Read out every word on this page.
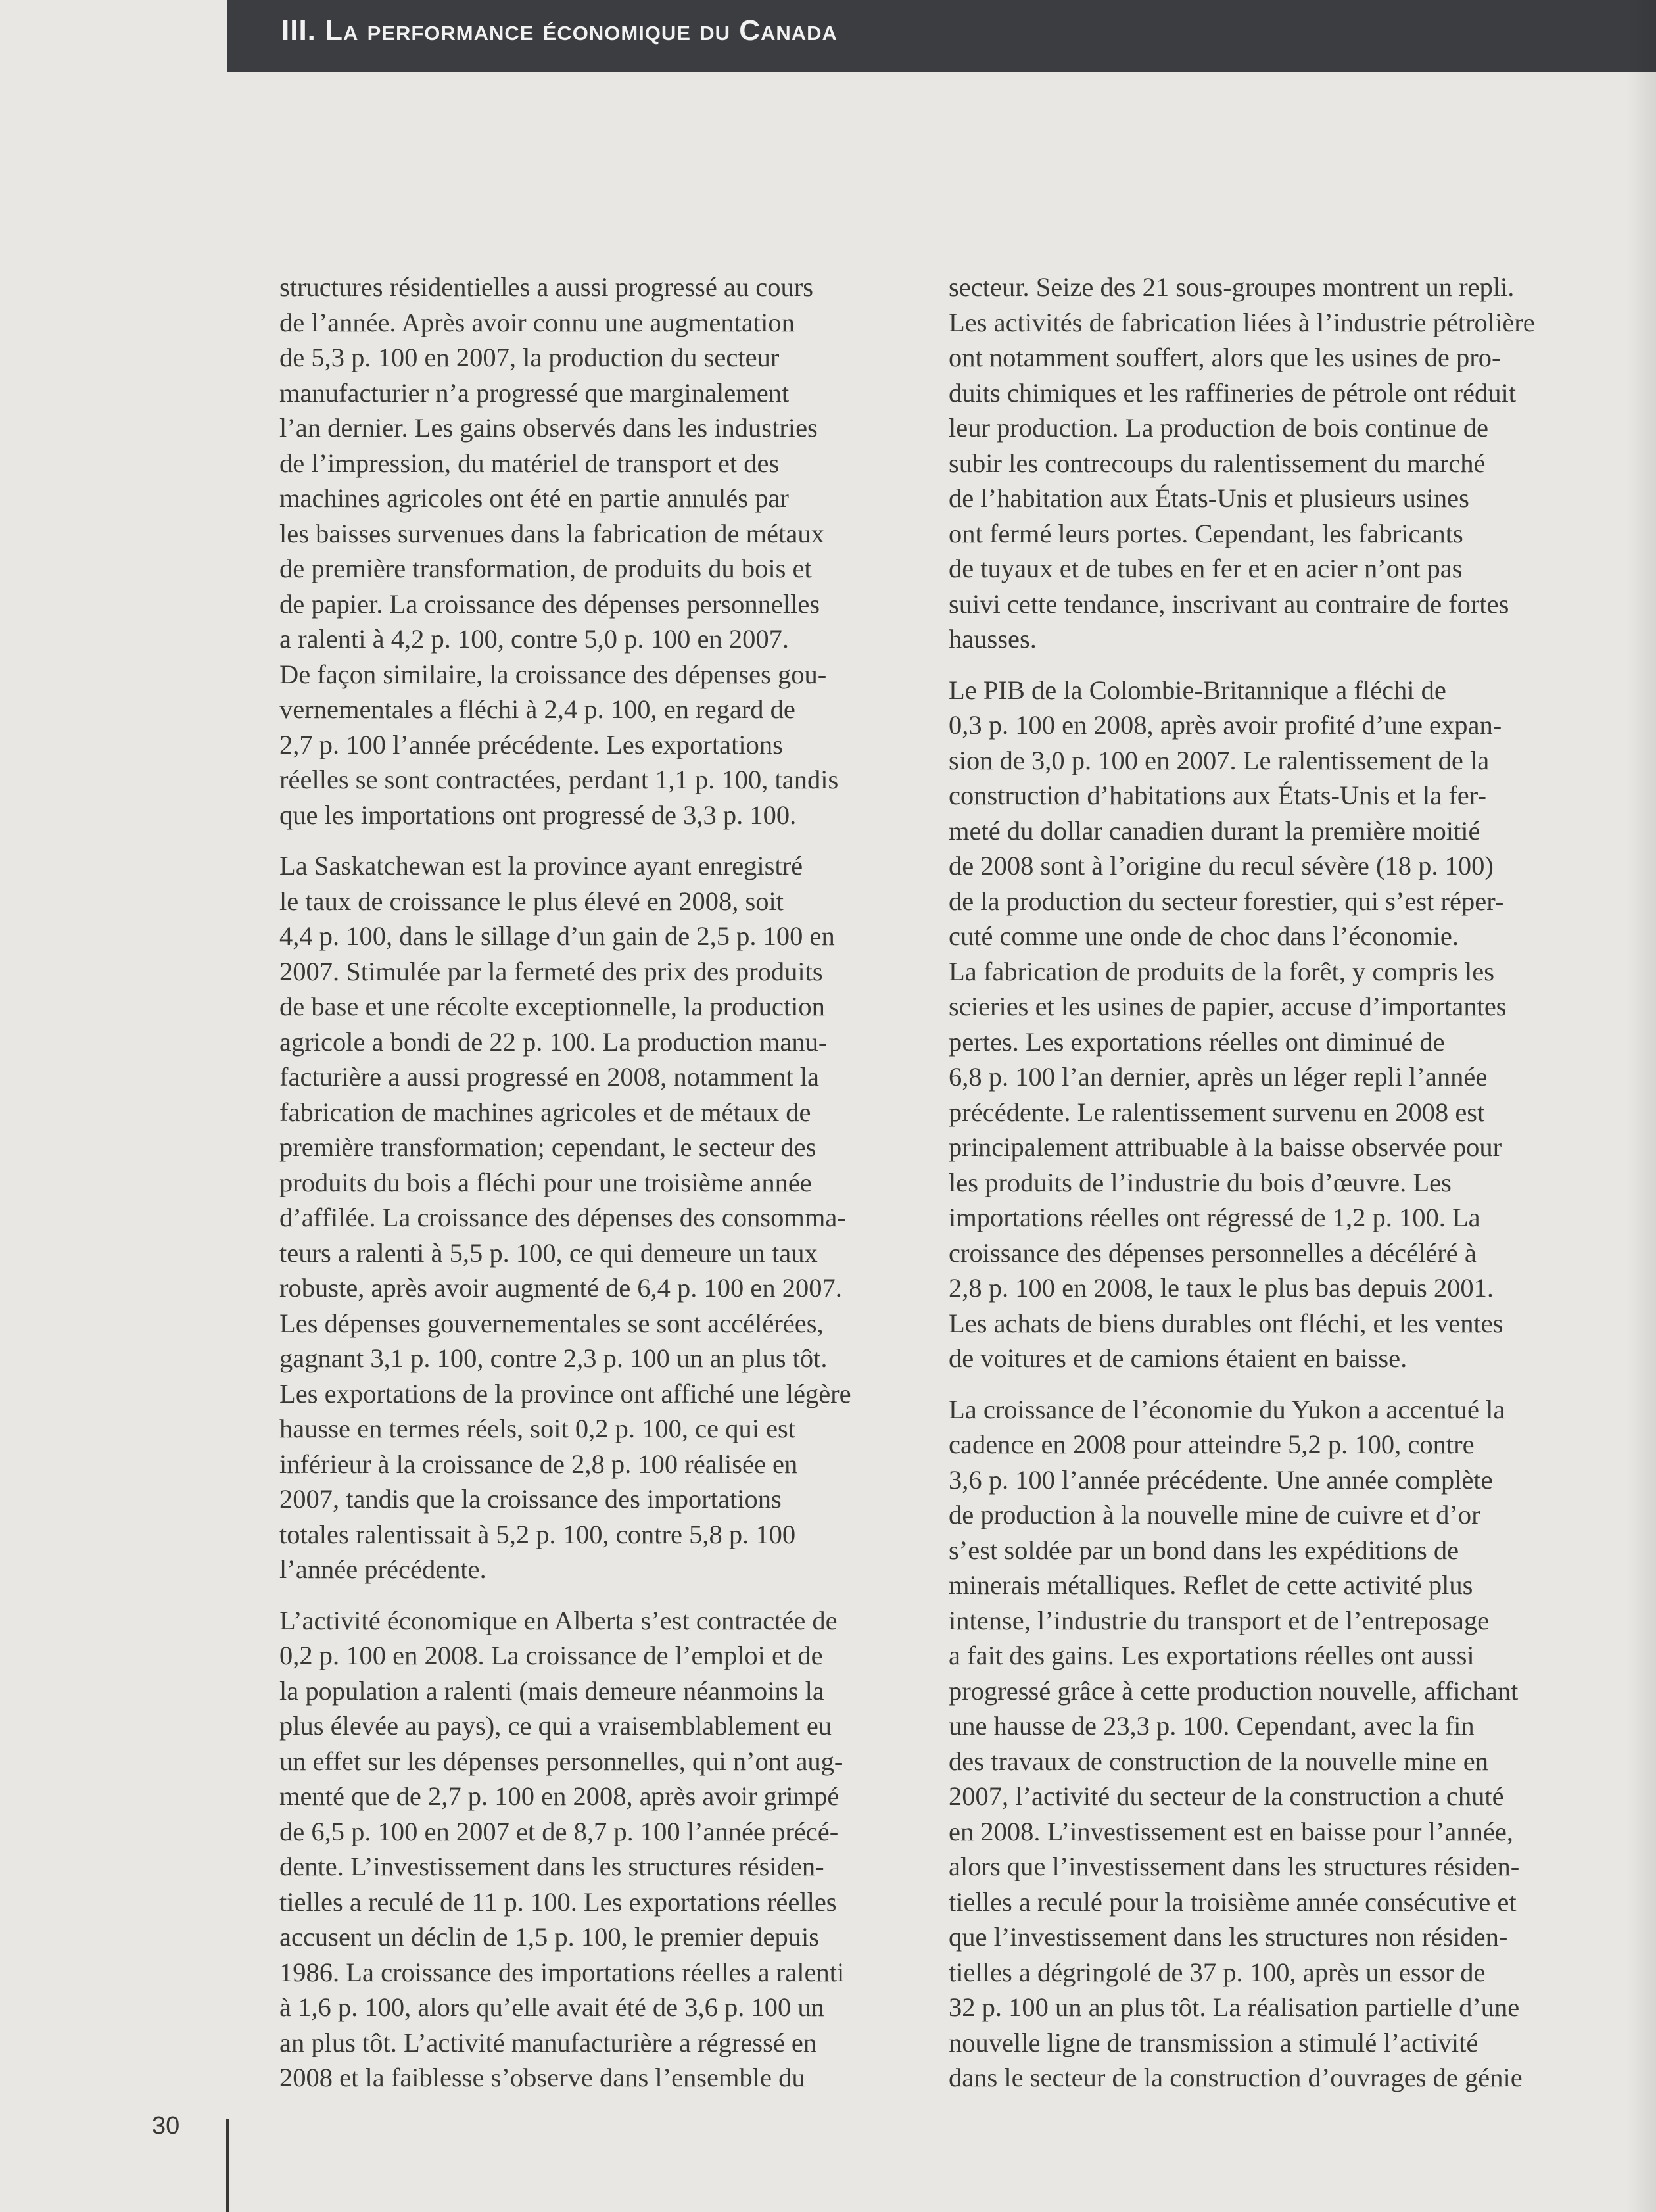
III. La performance économique du Canada

structures résidentielles a aussi progressé au cours
de l’année. Après avoir connu une augmentation
de 5,3 p. 100 en 2007, la production du secteur
manufacturier n’a progressé que marginalement
l’an dernier. Les gains observés dans les industries
de l’impression, du matériel de transport et des
machines agricoles ont été en partie annulés par
les baisses survenues dans la fabrication de métaux
de première transformation, de produits du bois et
de papier. La croissance des dépenses personnelles
a ralenti à 4,2 p. 100, contre 5,0 p. 100 en 2007.
De façon similaire, la croissance des dépenses gou-
vernementales a fléchi à 2,4 p. 100, en regard de
2,7 p. 100 l’année précédente. Les exportations
réelles se sont contractées, perdant 1,1 p. 100, tandis
que les importations ont progressé de 3,3 p. 100.

La Saskatchewan est la province ayant enregistré
le taux de croissance le plus élevé en 2008, soit
4,4 p. 100, dans le sillage d’un gain de 2,5 p. 100 en
2007. Stimulée par la fermeté des prix des produits
de base et une récolte exceptionnelle, la production
agricole a bondi de 22 p. 100. La production manu-
facturière a aussi progressé en 2008, notamment la
fabrication de machines agricoles et de métaux de
première transformation; cependant, le secteur des
produits du bois a fléchi pour une troisième année
d’affilée. La croissance des dépenses des consomma-
teurs a ralenti à 5,5 p. 100, ce qui demeure un taux
robuste, après avoir augmenté de 6,4 p. 100 en 2007.
Les dépenses gouvernementales se sont accélérées,
gagnant 3,1 p. 100, contre 2,3 p. 100 un an plus tôt.
Les exportations de la province ont affiché une légère
hausse en termes réels, soit 0,2 p. 100, ce qui est
inférieur à la croissance de 2,8 p. 100 réalisée en
2007, tandis que la croissance des importations
totales ralentissait à 5,2 p. 100, contre 5,8 p. 100
l’année précédente.

L’activité économique en Alberta s’est contractée de
0,2 p. 100 en 2008. La croissance de l’emploi et de
la population a ralenti (mais demeure néanmoins la
plus élevée au pays), ce qui a vraisemblablement eu
un effet sur les dépenses personnelles, qui n’ont aug-
menté que de 2,7 p. 100 en 2008, après avoir grimpé
de 6,5 p. 100 en 2007 et de 8,7 p. 100 l’année précé-
dente. L’investissement dans les structures résiden-
tielles a reculé de 11 p. 100. Les exportations réelles
accusent un déclin de 1,5 p. 100, le premier depuis
1986. La croissance des importations réelles a ralenti
à 1,6 p. 100, alors qu’elle avait été de 3,6 p. 100 un
an plus tôt. L’activité manufacturière a régressé en
2008 et la faiblesse s’observe dans l’ensemble du

secteur. Seize des 21 sous-groupes montrent un repli.
Les activités de fabrication liées à l’industrie pétrolière
ont notamment souffert, alors que les usines de pro-
duits chimiques et les raffineries de pétrole ont réduit
leur production. La production de bois continue de
subir les contrecoups du ralentissement du marché
de l’habitation aux États-Unis et plusieurs usines
ont fermé leurs portes. Cependant, les fabricants
de tuyaux et de tubes en fer et en acier n’ont pas
suivi cette tendance, inscrivant au contraire de fortes
hausses.

Le PIB de la Colombie-Britannique a fléchi de
0,3 p. 100 en 2008, après avoir profité d’une expan-
sion de 3,0 p. 100 en 2007. Le ralentissement de la
construction d’habitations aux États-Unis et la fer-
meté du dollar canadien durant la première moitié
de 2008 sont à l’origine du recul sévère (18 p. 100)
de la production du secteur forestier, qui s’est réper-
cuté comme une onde de choc dans l’économie.
La fabrication de produits de la forêt, y compris les
scieries et les usines de papier, accuse d’importantes
pertes. Les exportations réelles ont diminué de
6,8 p. 100 l’an dernier, après un léger repli l’année
précédente. Le ralentissement survenu en 2008 est
principalement attribuable à la baisse observée pour
les produits de l’industrie du bois d’œuvre. Les
importations réelles ont régressé de 1,2 p. 100. La
croissance des dépenses personnelles a décéléré à
2,8 p. 100 en 2008, le taux le plus bas depuis 2001.
Les achats de biens durables ont fléchi, et les ventes
de voitures et de camions étaient en baisse.

La croissance de l’économie du Yukon a accentué la
cadence en 2008 pour atteindre 5,2 p. 100, contre
3,6 p. 100 l’année précédente. Une année complète
de production à la nouvelle mine de cuivre et d’or
s’est soldée par un bond dans les expéditions de
minerais métalliques. Reflet de cette activité plus
intense, l’industrie du transport et de l’entreposage
a fait des gains. Les exportations réelles ont aussi
progressé grâce à cette production nouvelle, affichant
une hausse de 23,3 p. 100. Cependant, avec la fin
des travaux de construction de la nouvelle mine en
2007, l’activité du secteur de la construction a chuté
en 2008. L’investissement est en baisse pour l’année,
alors que l’investissement dans les structures résiden-
tielles a reculé pour la troisième année consécutive et
que l’investissement dans les structures non résiden-
tielles a dégringolé de 37 p. 100, après un essor de
32 p. 100 un an plus tôt. La réalisation partielle d’une
nouvelle ligne de transmission a stimulé l’activité
dans le secteur de la construction d’ouvrages de génie

30
